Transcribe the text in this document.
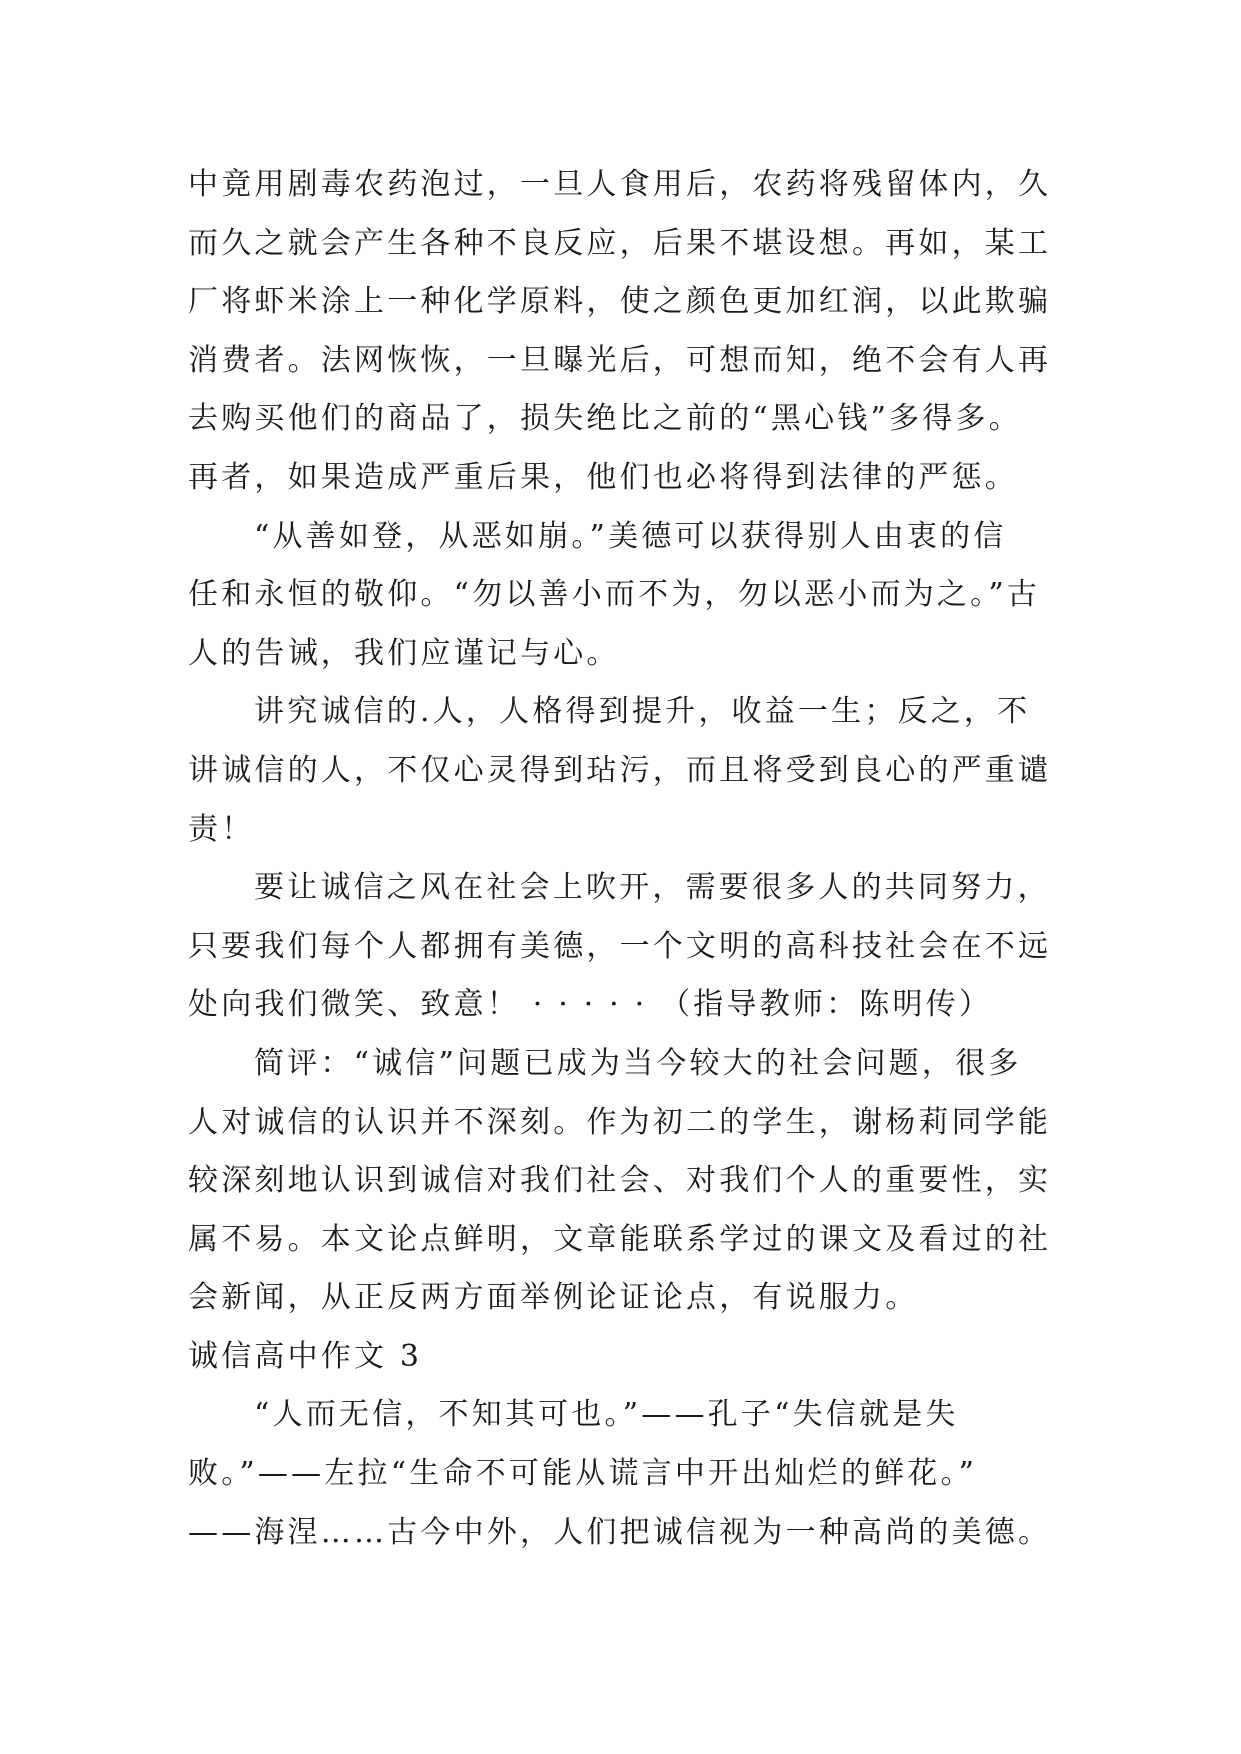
中竟用剧毒农药泡过，一旦人食用后，农药将残留体内，久
而久之就会产生各种不良反应，后果不堪设想。再如，某工
厂将虾米涂上一种化学原料，使之颜色更加红润，以此欺骗
消费者。法网恢恢，一旦曝光后，可想而知，绝不会有人再
去购买他们的商品了，损失绝比之前的“黑心钱”多得多。
再者，如果造成严重后果，他们也必将得到法律的严惩。
“从善如登，从恶如崩。”美德可以获得别人由衷的信
任和永恒的敬仰。“勿以善小而不为，勿以恶小而为之。”古
人的告诫，我们应谨记与心。
讲究诚信的.人，人格得到提升，收益一生；反之，不
讲诚信的人，不仅心灵得到玷污，而且将受到良心的严重谴
责！
要让诚信之风在社会上吹开，需要很多人的共同努力，
只要我们每个人都拥有美德，一个文明的高科技社会在不远
处向我们微笑、致意！ · · · · · （指导教师：陈明传）
简评：“诚信”问题已成为当今较大的社会问题，很多
人对诚信的认识并不深刻。作为初二的学生，谢杨莉同学能
较深刻地认识到诚信对我们社会、对我们个人的重要性，实
属不易。本文论点鲜明，文章能联系学过的课文及看过的社
会新闻，从正反两方面举例论证论点，有说服力。
诚信高中作文 3
“人而无信，不知其可也。”——孔子“失信就是失
败。”——左拉“生命不可能从谎言中开出灿烂的鲜花。”
——海涅……古今中外，人们把诚信视为一种高尚的美德。
